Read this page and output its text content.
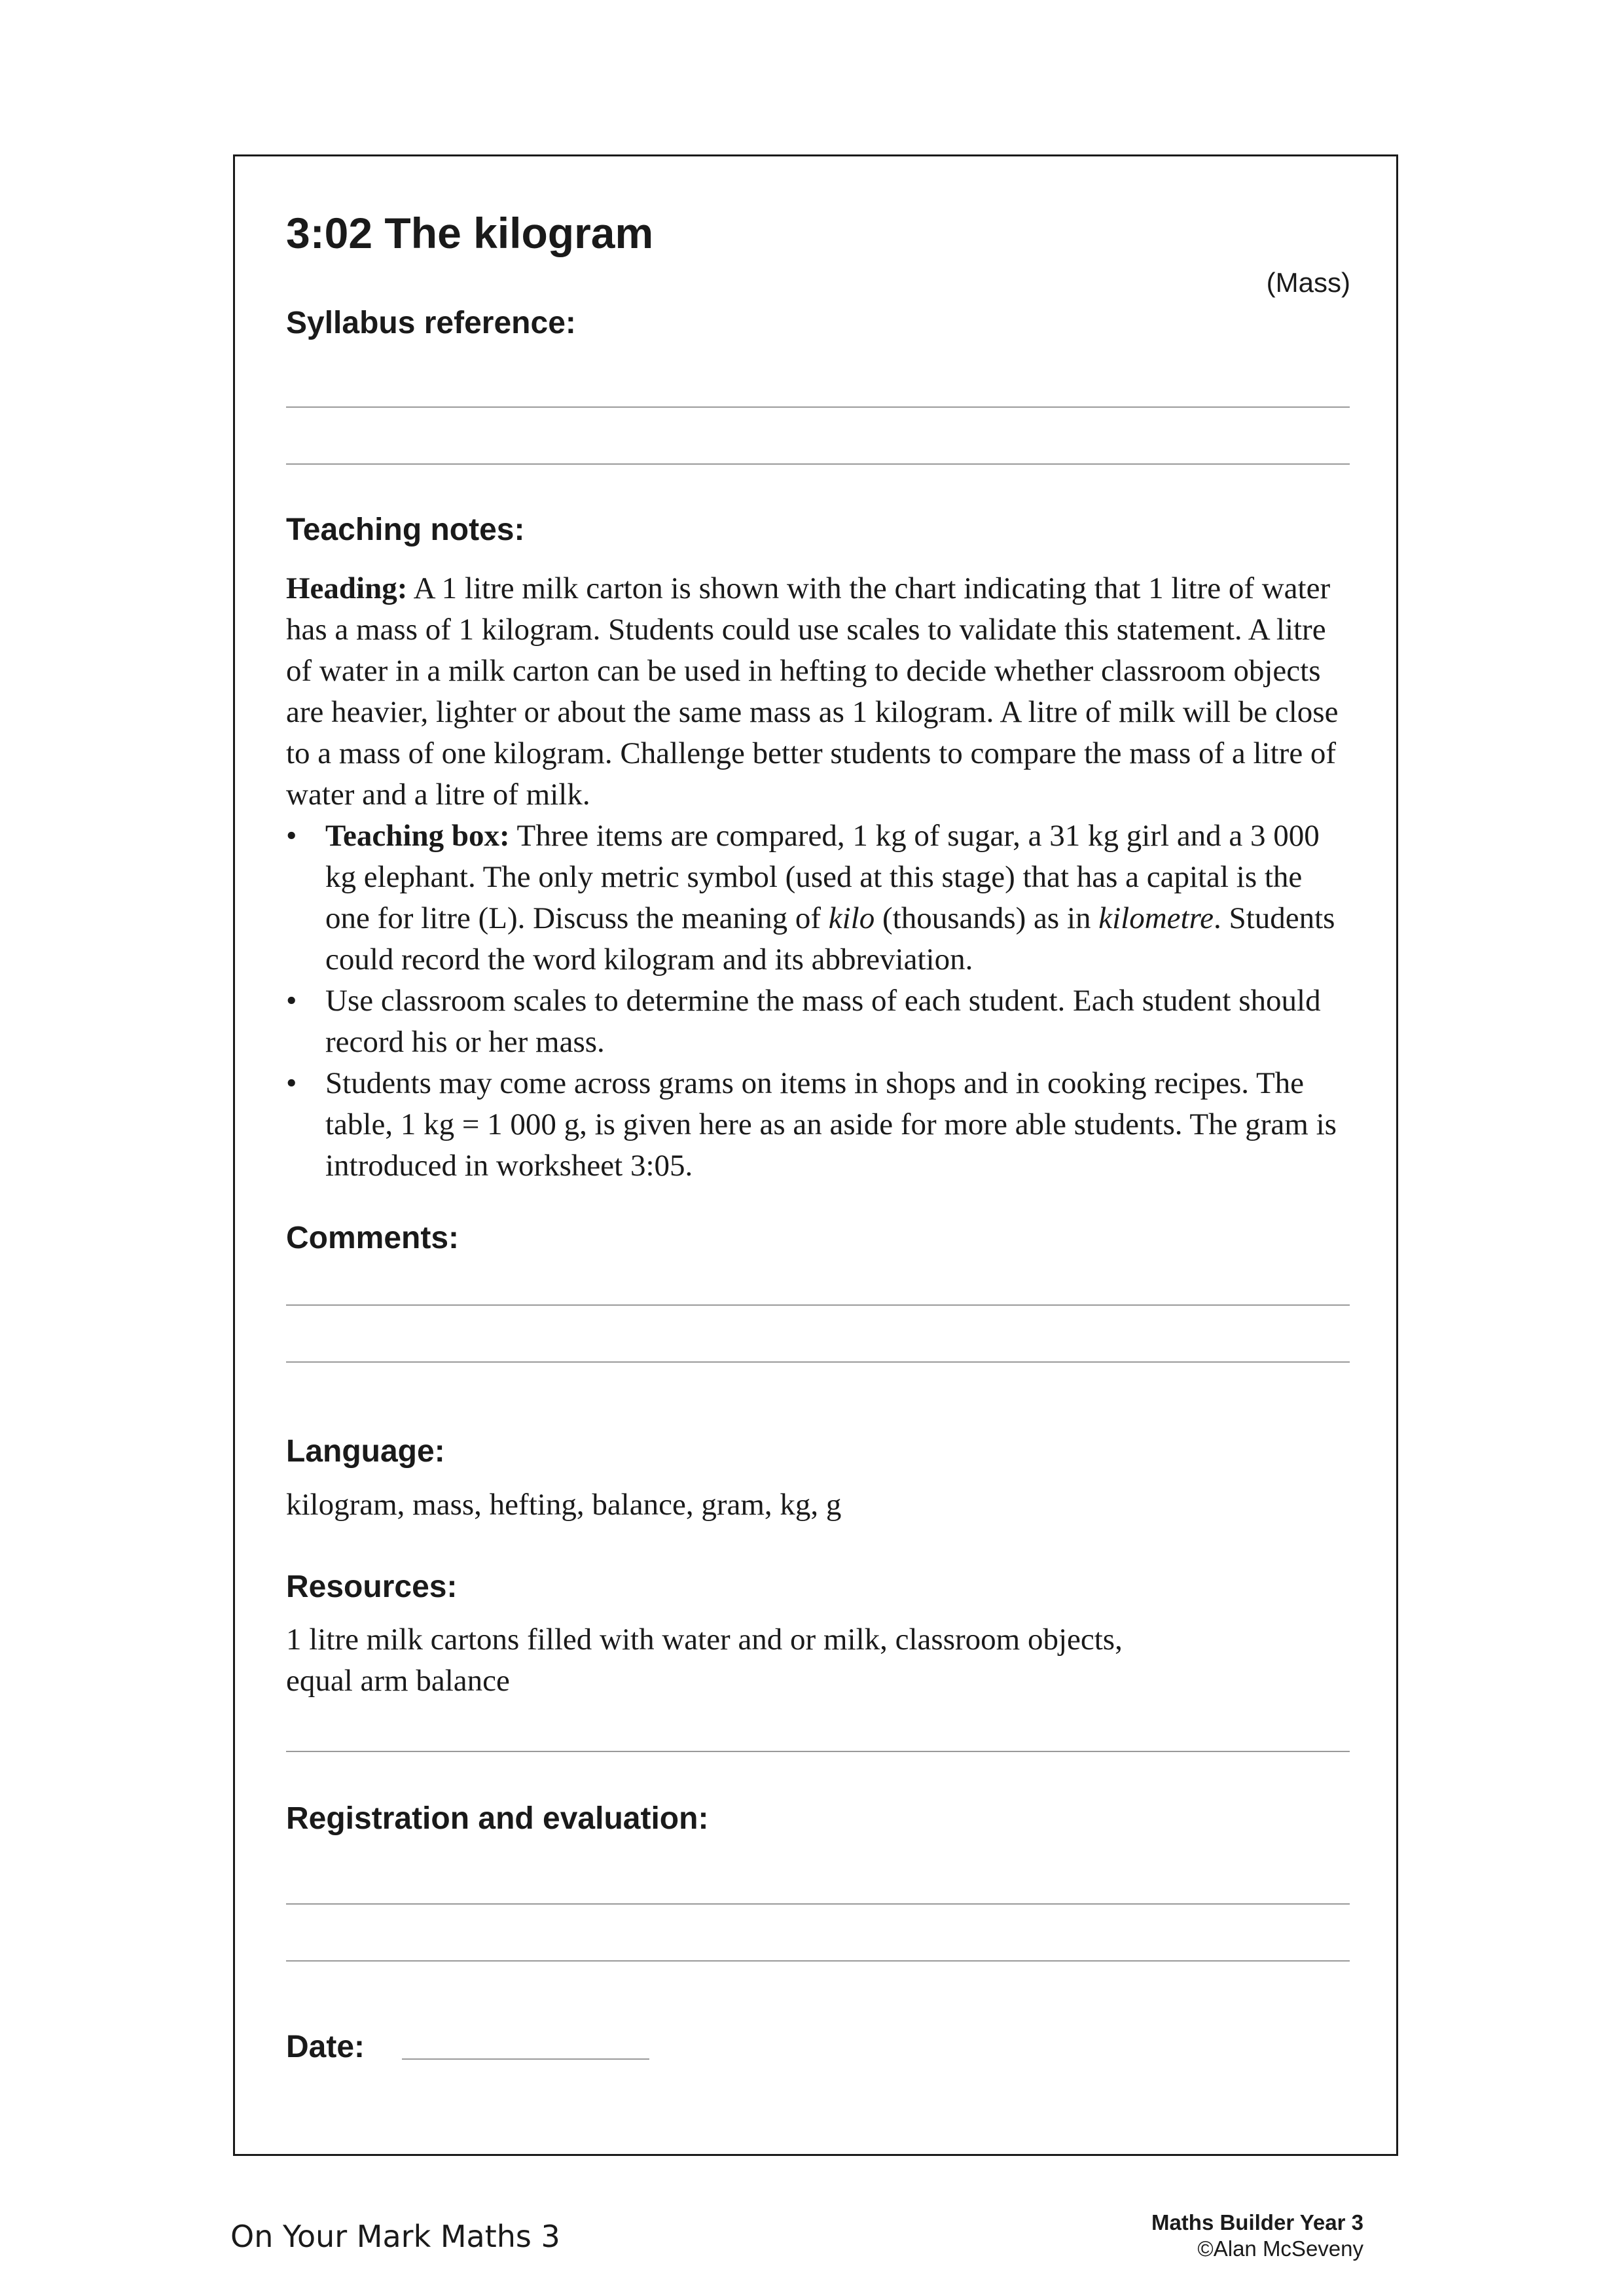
3:02 The kilogram
(Mass)
Syllabus reference:
Teaching notes:

Heading: A 1 litre milk carton is shown with the chart indicating that 1 litre of water has a mass of 1 kilogram. Students could use scales to validate this statement. A litre of water in a milk carton can be used in hefting to decide whether classroom objects are heavier, lighter or about the same mass as 1 kilogram. A litre of milk will be close to a mass of one kilogram. Challenge better students to compare the mass of a litre of water and a litre of milk.

• Teaching box: Three items are compared, 1 kg of sugar, a 31 kg girl and a 3 000 kg elephant. The only metric symbol (used at this stage) that has a capital is the one for litre (L). Discuss the meaning of kilo (thousands) as in kilometre. Students could record the word kilogram and its abbreviation.
• Use classroom scales to determine the mass of each student. Each student should record his or her mass.
• Students may come across grams on items in shops and in cooking recipes. The table, 1 kg = 1 000 g, is given here as an aside for more able students. The gram is introduced in worksheet 3:05.
Comments:
Language:
kilogram, mass, hefting, balance, gram, kg, g
Resources:
1 litre milk cartons filled with water and or milk, classroom objects,
equal arm balance
Registration and evaluation:
Date:
On Your Mark Maths 3	Maths Builder Year 3
©Alan McSeveny
